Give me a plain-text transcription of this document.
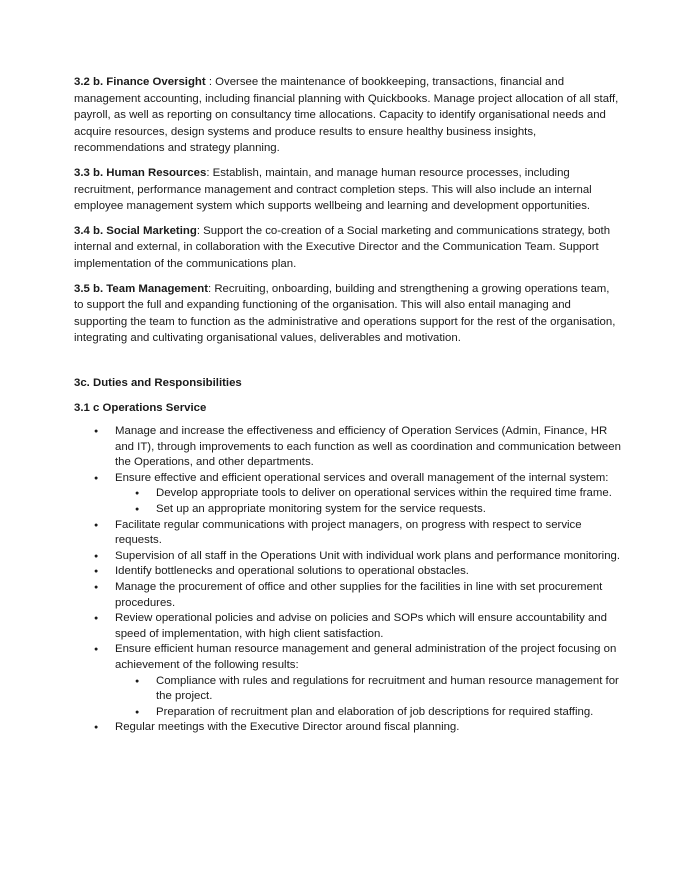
3.2 b. Finance Oversight : Oversee the maintenance of bookkeeping, transactions, financial and management accounting, including financial planning with Quickbooks. Manage project allocation of all staff, payroll, as well as reporting on consultancy time allocations. Capacity to identify organisational needs and acquire resources, design systems and produce results to ensure healthy business insights, recommendations and strategy planning.

3.3 b. Human Resources: Establish, maintain, and manage human resource processes, including recruitment, performance management and contract completion steps. This will also include an internal employee management system which supports wellbeing and learning and development opportunities.

3.4 b. Social Marketing: Support the co-creation of a Social marketing and communications strategy, both internal and external, in collaboration with the Executive Director and the Communication Team. Support implementation of the communications plan.

3.5 b. Team Management: Recruiting, onboarding, building and strengthening a growing operations team, to support the full and expanding functioning of the organisation. This will also entail managing and supporting the team to function as the administrative and operations support for the rest of the organisation, integrating and cultivating organisational values, deliverables and motivation.

3c. Duties and Responsibilities

3.1 c Operations Service

● Manage and increase the effectiveness and efficiency of Operation Services (Admin, Finance, HR and IT), through improvements to each function as well as coordination and communication between the Operations, and other departments.
● Ensure effective and efficient operational services and overall management of the internal system:
● Develop appropriate tools to deliver on operational services within the required time frame.
● Set up an appropriate monitoring system for the service requests.
● Facilitate regular communications with project managers, on progress with respect to service requests.
● Supervision of all staff in the Operations Unit with individual work plans and performance monitoring.
● Identify bottlenecks and operational solutions to operational obstacles.
● Manage the procurement of office and other supplies for the facilities in line with set procurement procedures.
● Review operational policies and advise on policies and SOPs which will ensure accountability and speed of implementation, with high client satisfaction.
● Ensure efficient human resource management and general administration of the project focusing on achievement of the following results:
● Compliance with rules and regulations for recruitment and human resource management for the project.
● Preparation of recruitment plan and elaboration of job descriptions for required staffing.
● Regular meetings with the Executive Director around fiscal planning.
